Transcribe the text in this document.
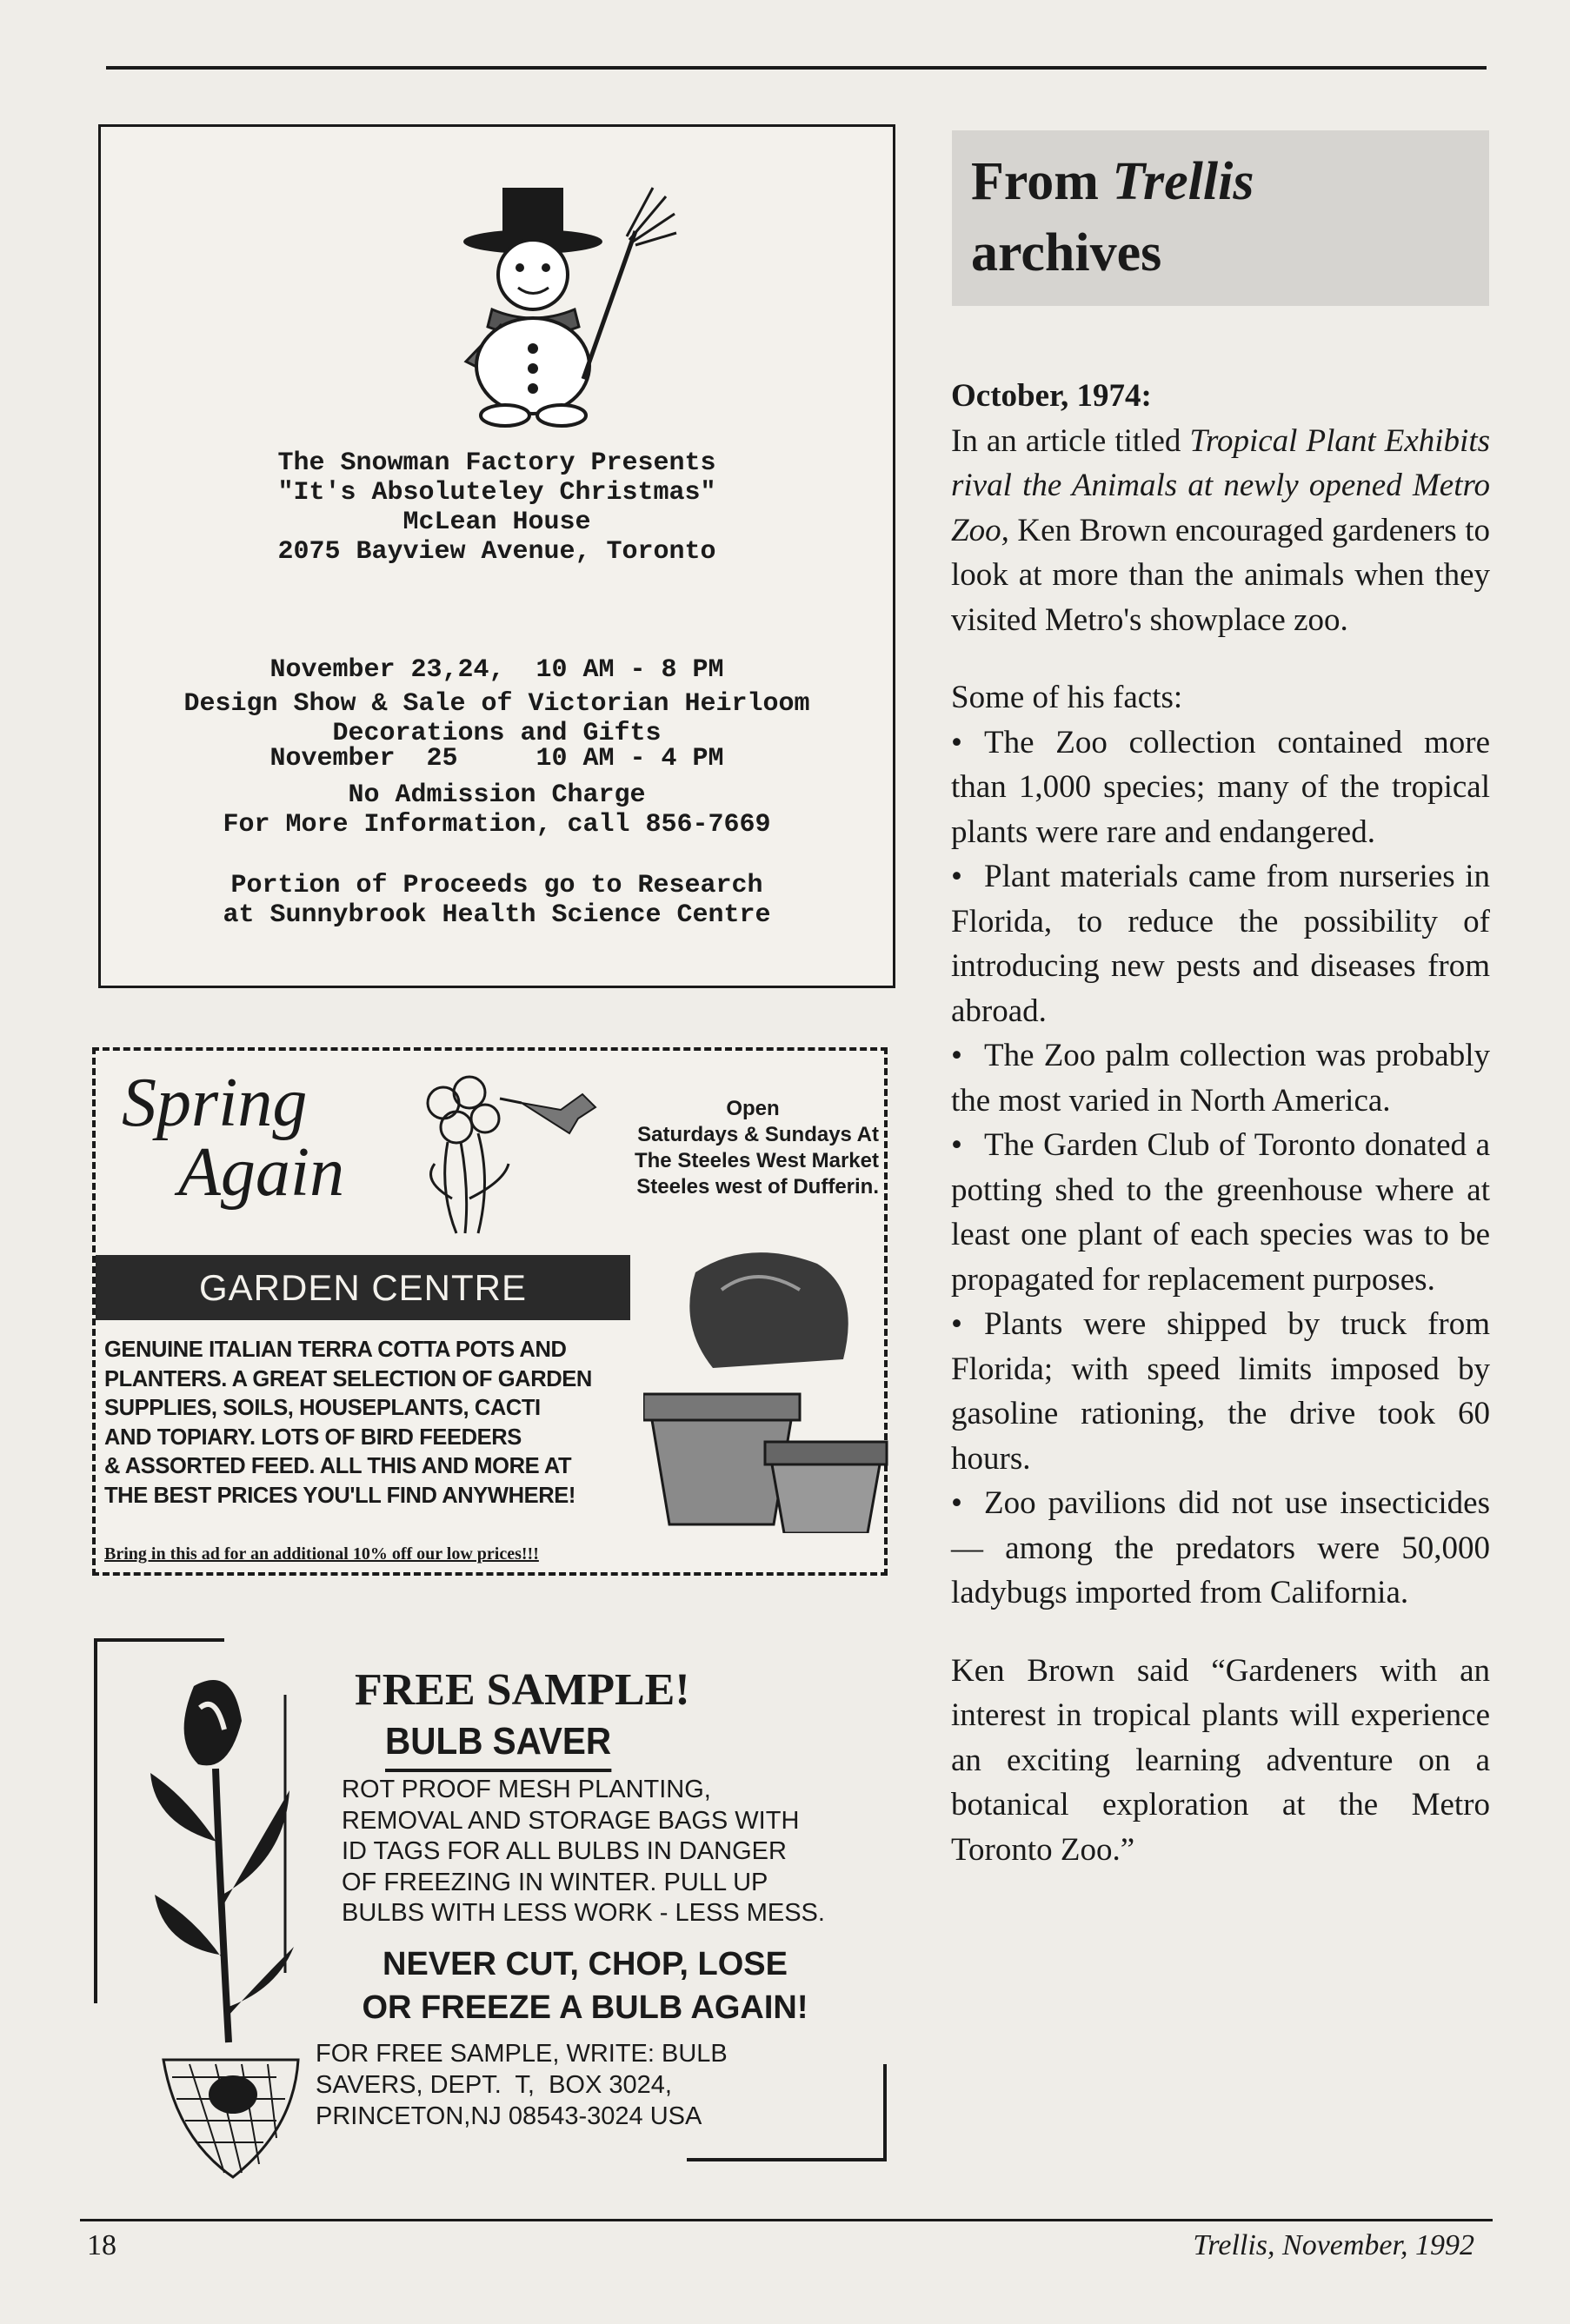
The Snowman Factory Presents
"It's Absoluteley Christmas"
McLean House
2075 Bayview Avenue, Toronto

November 23,24,  10 AM - 8 PM

November  25     10 AM - 4 PM

Design Show & Sale of Victorian Heirloom
Decorations and Gifts
No Admission Charge
For More Information, call 856-7669
Portion of Proceeds go to Research
at Sunnybrook Health Science Centre
Spring
Again
Open
Saturdays & Sundays At
The Steeles West Market
Steeles west of Dufferin.
GARDEN CENTRE
GENUINE ITALIAN TERRA COTTA POTS AND
PLANTERS. A GREAT SELECTION OF GARDEN
SUPPLIES, SOILS, HOUSEPLANTS, CACTI
AND TOPIARY. LOTS OF BIRD FEEDERS
& ASSORTED FEED. ALL THIS AND MORE AT
THE BEST PRICES YOU'LL FIND ANYWHERE!
Bring in this ad for an additional 10% off our low prices!!!
FREE SAMPLE!
BULB SAVER
ROT PROOF MESH PLANTING,
REMOVAL AND STORAGE BAGS WITH
ID TAGS FOR ALL BULBS IN DANGER
OF FREEZING IN WINTER. PULL UP
BULBS WITH LESS WORK - LESS MESS.
NEVER CUT, CHOP, LOSE
OR FREEZE A BULB AGAIN!
FOR FREE SAMPLE, WRITE: BULB
SAVERS, DEPT.  T,  BOX 3024,
PRINCETON,NJ 08543-3024 USA
From Trellis
archives

October, 1974:

In an article titled Tropical Plant Exhibits rival the Animals at newly opened Metro Zoo, Ken Brown encouraged gardeners to look at more than the animals when they visited Metro's showplace zoo.

Some of his facts:

• The Zoo collection contained more than 1,000 species; many of the tropical plants were rare and endangered.

• Plant materials came from nurseries in Florida, to reduce the possibility of introducing new pests and diseases from abroad.

• The Zoo palm collection was probably the most varied in North America.

• The Garden Club of Toronto donated a potting shed to the greenhouse where at least one plant of each species was to be propagated for replacement purposes.

• Plants were shipped by truck from Florida; with speed limits imposed by gasoline rationing, the drive took 60 hours.

• Zoo pavilions did not use insecticides — among the predators were 50,000 ladybugs imported from California.

Ken Brown said “Gardeners with an interest in tropical plants will experience an exciting learning adventure on a botanical exploration at the Metro Toronto Zoo.”

18	Trellis, November, 1992
